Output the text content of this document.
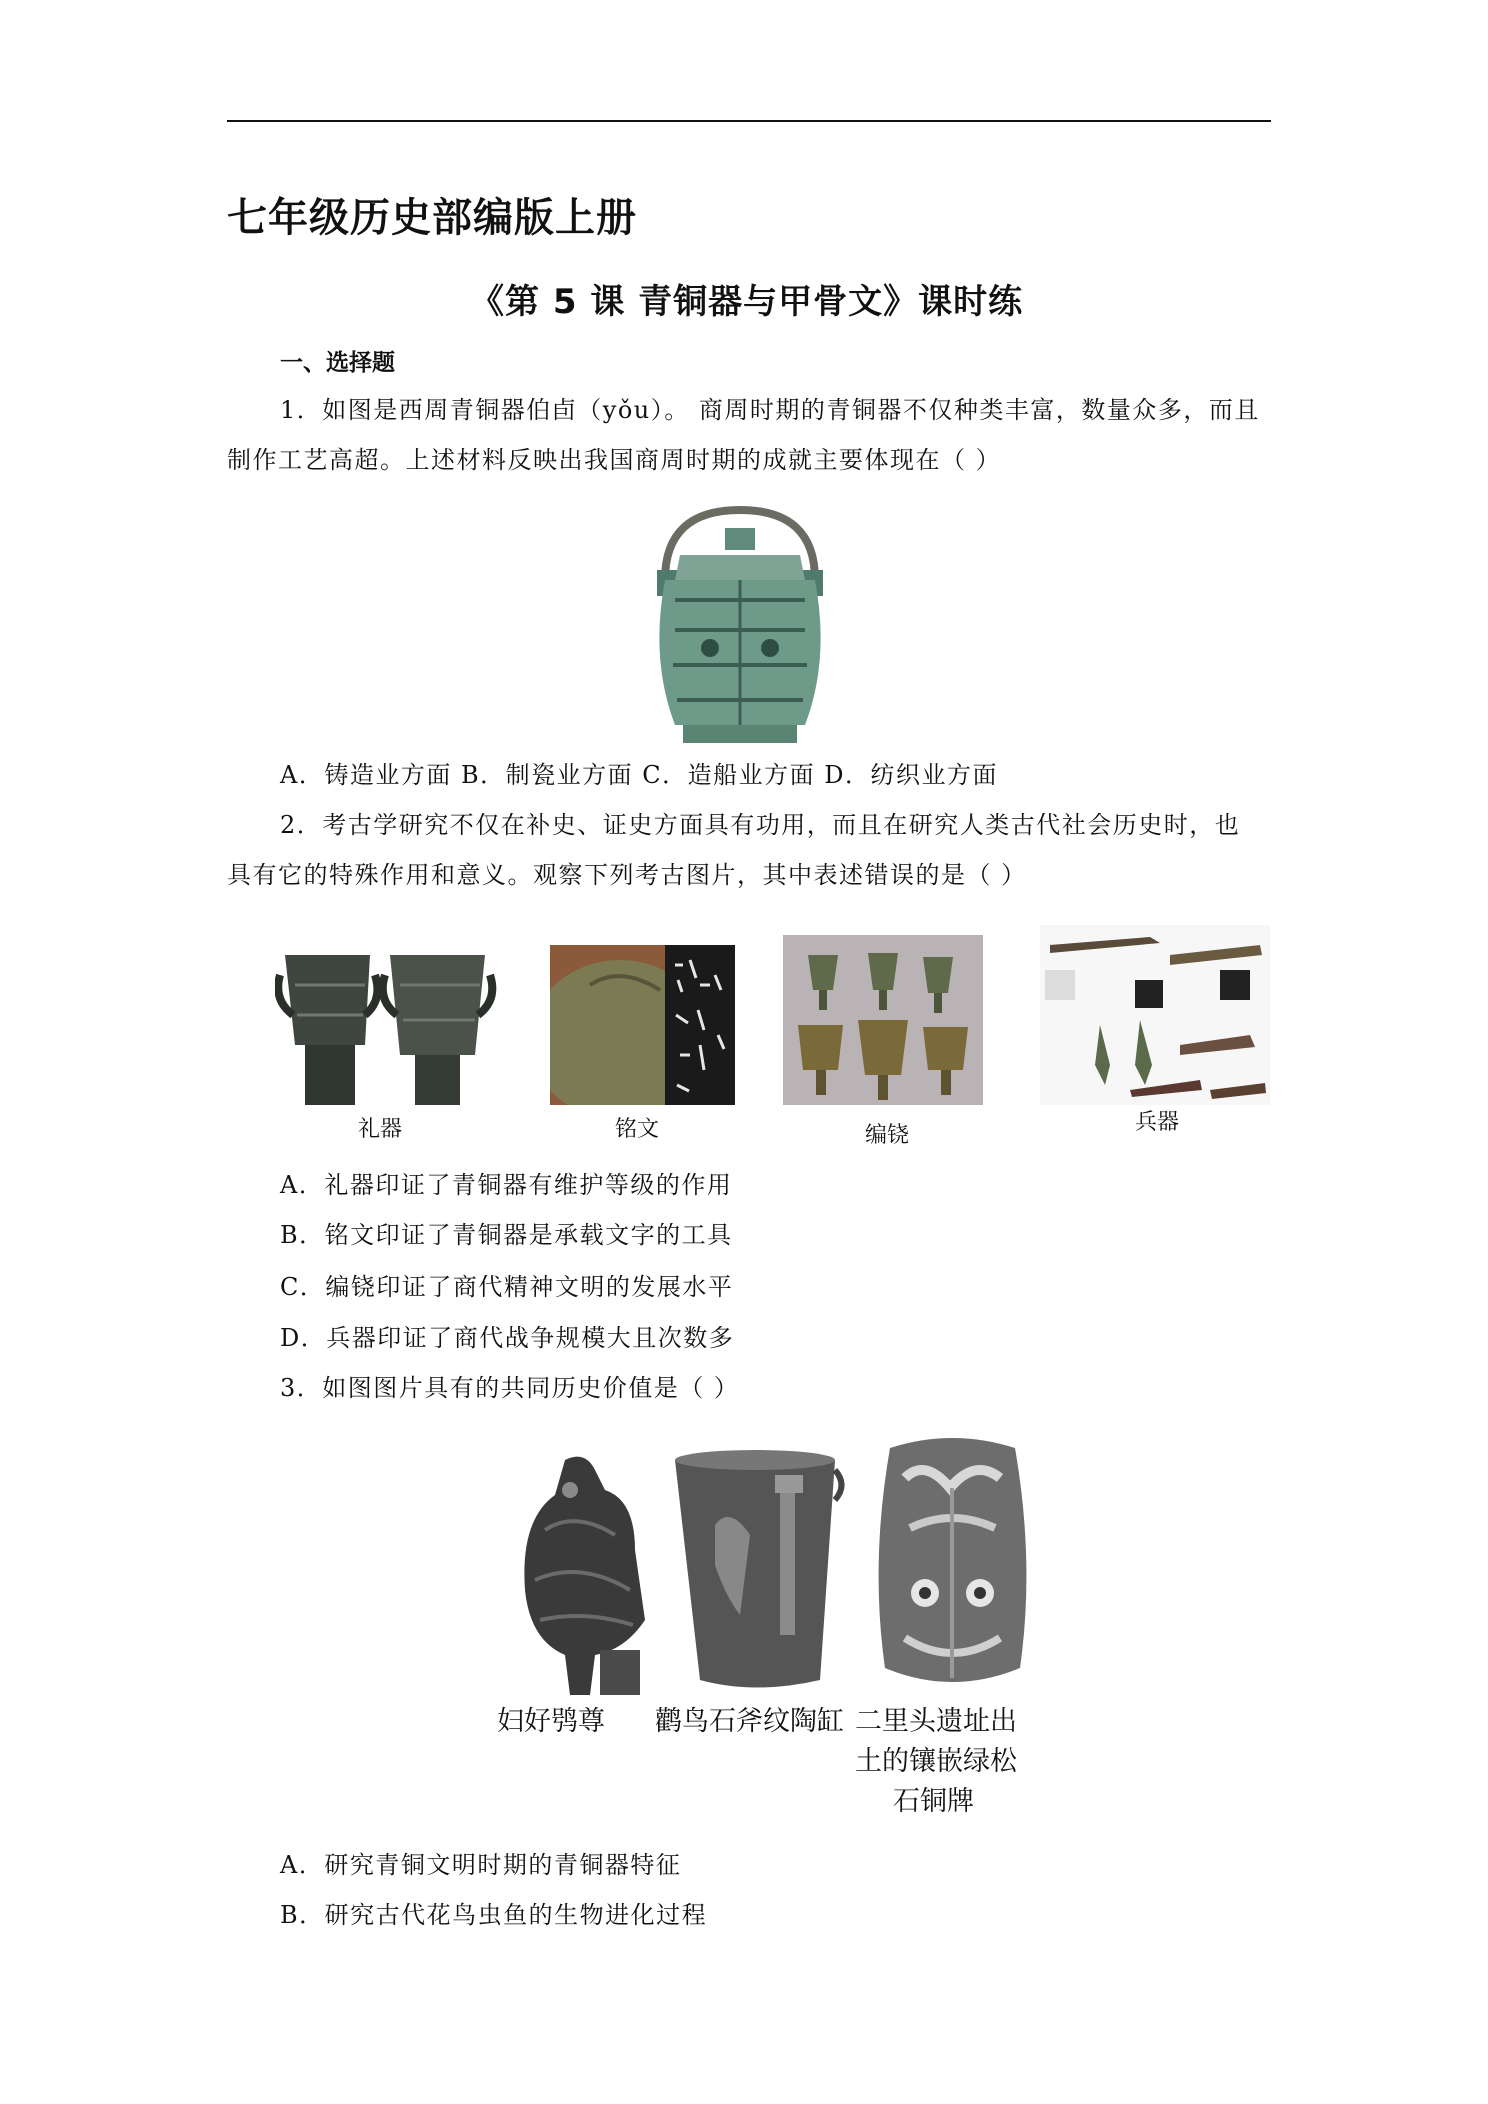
七年级历史部编版上册
《第 5 课 青铜器与甲骨文》课时练
一、选择题
1．如图是西周青铜器伯卣（yǒu）。 商周时期的青铜器不仅种类丰富，数量众多，而且
制作工艺高超。上述材料反映出我国商周时期的成就主要体现在（ ）
A．铸造业方面 B．制瓷业方面 C．造船业方面 D．纺织业方面
2．考古学研究不仅在补史、证史方面具有功用，而且在研究人类古代社会历史时，也
具有它的特殊作用和意义。观察下列考古图片，其中表述错误的是（ ）
礼器	铭文	编铙
兵器
A．礼器印证了青铜器有维护等级的作用
B．铭文印证了青铜器是承载文字的工具
C．编铙印证了商代精神文明的发展水平
D．兵器印证了商代战争规模大且次数多
3．如图图片具有的共同历史价值是（ ）
妇好鸮尊 鹳鸟石斧纹陶缸 二里头遗址出
土的镶嵌绿松
石铜牌
A．研究青铜文明时期的青铜器特征
B．研究古代花鸟虫鱼的生物进化过程
